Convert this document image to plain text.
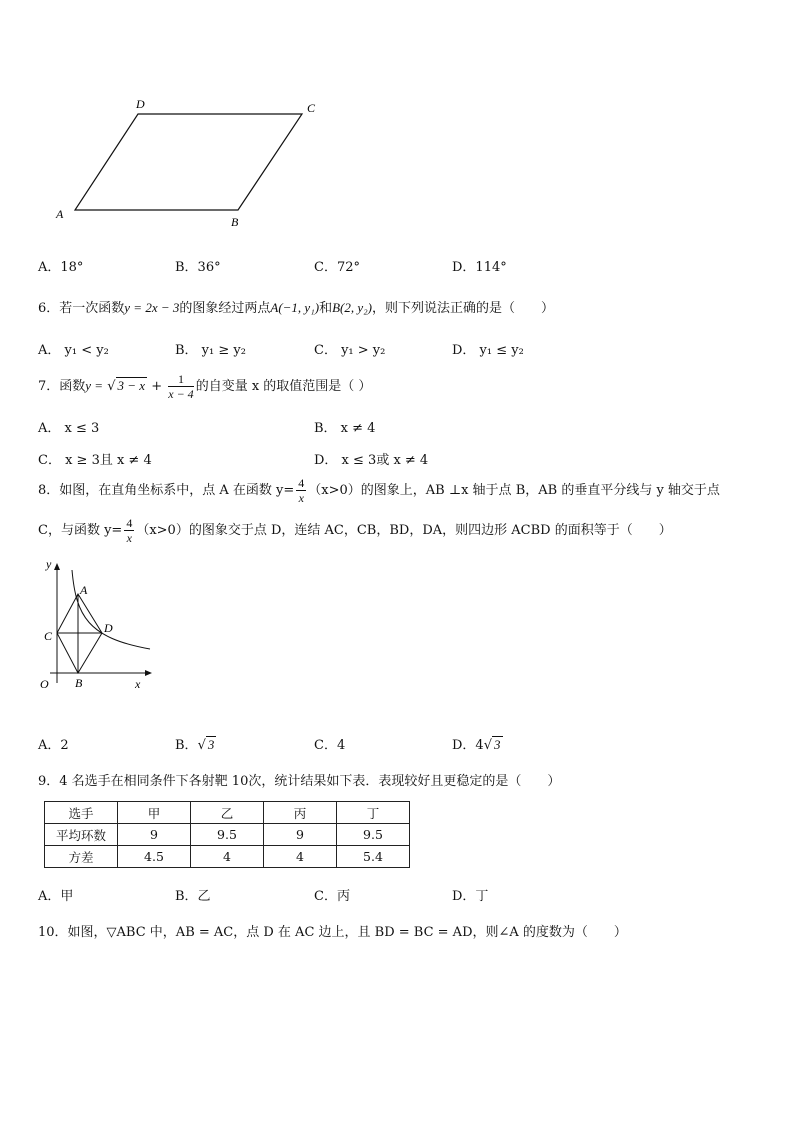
A
B
C
D
A．18°	B．36°	C．72°	D．114°
6．若一次函数y = 2x − 3的图象经过两点A(−1, y₁)和B(2, y₂)，则下列说法正确的是（　　）
A． y₁ < y₂	B． y₁ ≥ y₂	C． y₁ > y₂	D． y₁ ≤ y₂
7．函数y = √ $3 - x + \frac{1}{x - 4}$ 的自变量 x 的取值范围是（ ）
A． x ≤ 3	B． x ≠ 4
C． x ≥ 3且 x ≠ 4	D． x ≤ 3或 x ≠ 4
8．如图，在直角坐标系中，点 A 在函数 $y= \frac{4}{x} (x>0)$的图象上，AB ⊥x 轴于点 B，AB 的垂直平分线与 y 轴交于点
C，与函数 $y= \frac{4}{x} (x>0)$的图象交于点 D，连结 AC，CB，BD，DA，则四边形 ACBD 的面积等于（　　）
y
x
O
A
B
C
D
A．2	B．√ 3	C．4	D．4√ 3
9．4 名选手在相同条件下各射靶 10次，统计结果如下表．表现较好且更稳定的是（　　）
选手	甲	乙	丙	丁
平均环数	9	9.5	9	9.5
方差	4.5	4	4	5.4
A．甲	B．乙	C．丙	D．丁
10．如图，▽ABC 中，AB = AC，点 D 在 AC 边上，且 BD = BC = AD，则∠A 的度数为（　　）
